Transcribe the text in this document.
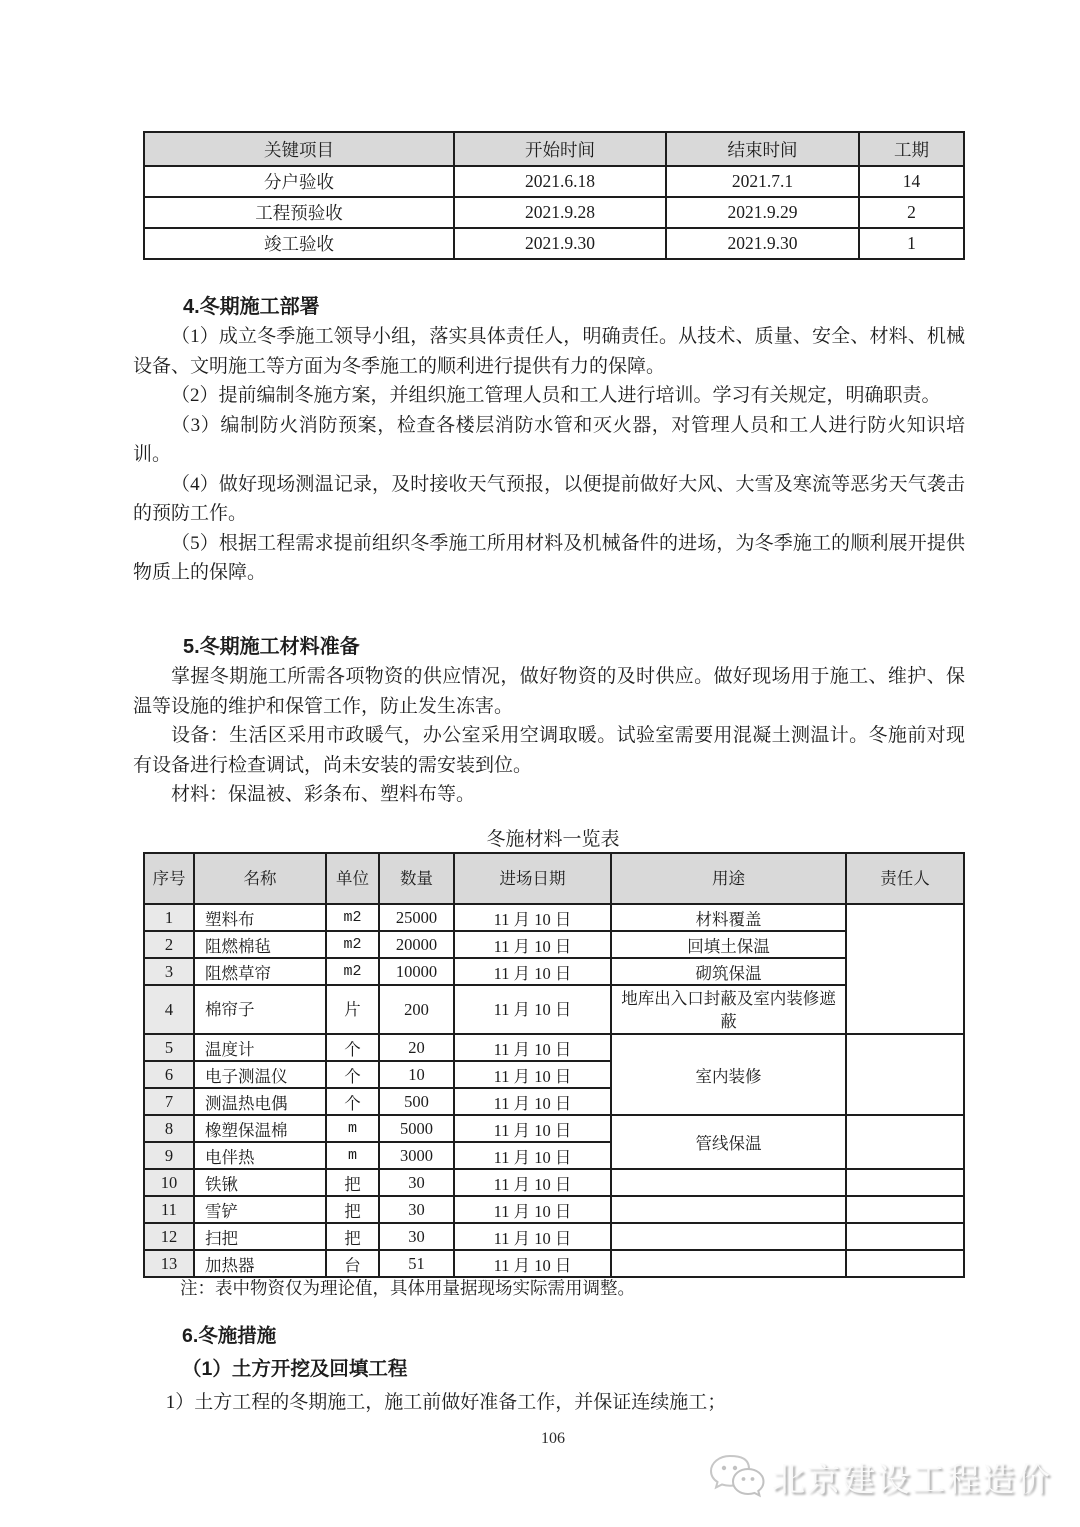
关键项目	开始时间	结束时间	工期
分户验收	2021.6.18	2021.7.1	14
工程预验收	2021.9.28	2021.9.29	2
竣工验收	2021.9.30	2021.9.30	1
4.冬期施工部署
（1）成立冬季施工领导小组，落实具体责任人，明确责任。从技术、质量、安全、材料、机械设备、文明施工等方面为冬季施工的顺利进行提供有力的保障。
（2）提前编制冬施方案，并组织施工管理人员和工人进行培训。学习有关规定，明确职责。
（3）编制防火消防预案，检查各楼层消防水管和灭火器，对管理人员和工人进行防火知识培训。
（4）做好现场测温记录，及时接收天气预报，以便提前做好大风、大雪及寒流等恶劣天气袭击的预防工作。
（5）根据工程需求提前组织冬季施工所用材料及机械备件的进场，为冬季施工的顺利展开提供物质上的保障。
5.冬期施工材料准备
掌握冬期施工所需各项物资的供应情况，做好物资的及时供应。做好现场用于施工、维护、保温等设施的维护和保管工作，防止发生冻害。
设备：生活区采用市政暖气，办公室采用空调取暖。试验室需要用混凝土测温计。冬施前对现有设备进行检查调试，尚未安装的需安装到位。
材料：保温被、彩条布、塑料布等。
冬施材料一览表
序号	名称	单位	数量	进场日期	用途	责任人
1	塑料布	m2	25000	11 月 10 日	材料覆盖	
2	阻燃棉毡	m2	20000	11 月 10 日	回填土保温	
3	阻燃草帘	m2	10000	11 月 10 日	砌筑保温	
4	棉帘子	片	200	11 月 10 日	地库出入口封蔽及室内装修遮蔽	
5	温度计	个	20	11 月 10 日	室内装修	
6	电子测温仪	个	10	11 月 10 日		
7	测温热电偶	个	500	11 月 10 日		
8	橡塑保温棉	m	5000	11 月 10 日	管线保温	
9	电伴热	m	3000	11 月 10 日		
10	铁锹	把	30	11 月 10 日		
11	雪铲	把	30	11 月 10 日		
12	扫把	把	30	11 月 10 日		
13	加热器	台	51	11 月 10 日		
注：表中物资仅为理论值，具体用量据现场实际需用调整。
6.冬施措施
（1）土方开挖及回填工程
1）土方工程的冬期施工，施工前做好准备工作，并保证连续施工；
106
北京建设工程造价
